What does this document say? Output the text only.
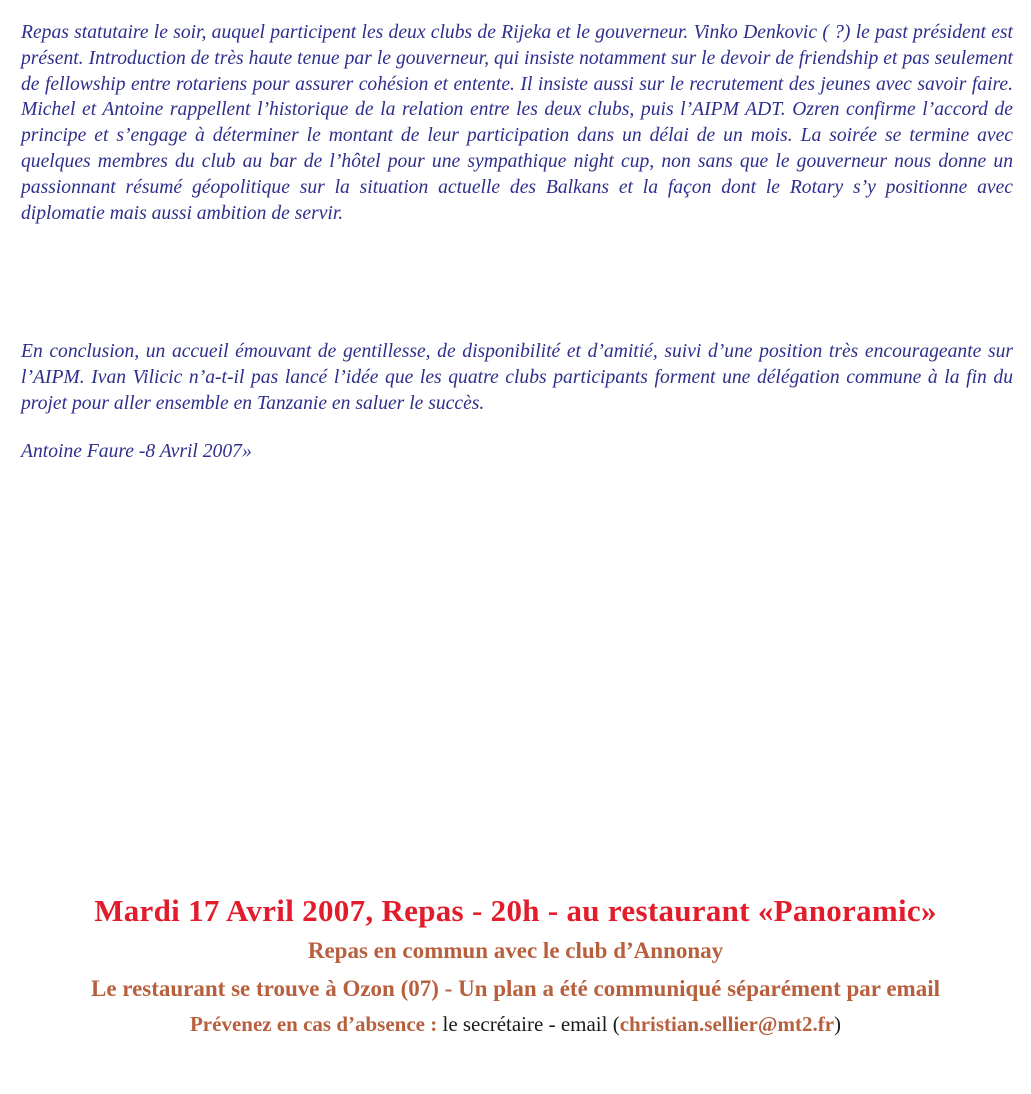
Repas statutaire le soir, auquel participent les deux clubs de Rijeka et le gouverneur. Vinko Denkovic ( ?) le past président est présent. Introduction de très haute tenue par le gouverneur, qui insiste notamment sur le devoir de friendship et pas seulement de fellowship entre rotariens pour assurer cohésion et entente. Il insiste aussi sur le recrutement des jeunes avec savoir faire. Michel et Antoine rappellent l’historique de la relation entre les deux clubs, puis l’AIPM ADT. Ozren confirme l’accord de principe et s’engage à déterminer le montant de leur participation dans un délai de un mois. La soirée se termine avec quelques membres du club au bar de l’hôtel pour une sympathique night cup, non sans que le gouverneur nous donne un passionnant résumé géopolitique sur la situation actuelle des Balkans et la façon dont le Rotary s’y positionne avec diplomatie mais aussi ambition de servir.

En conclusion, un accueil émouvant de gentillesse, de disponibilité et d’amitié, suivi d’une position très encourageante sur l’AIPM. Ivan Vilicic n’a-t-il pas lancé l’idée que les quatre clubs participants forment une délégation commune à la fin du projet pour aller ensemble en Tanzanie en saluer le succès.

Antoine Faure -8 Avril 2007»

Mardi 17 Avril 2007, Repas - 20h - au restaurant «Panoramic»
Repas en commun avec le club d’Annonay
Le restaurant se trouve à Ozon (07) - Un plan a été communiqué séparément par email
Prévenez en cas d’absence : le secrétaire - email (christian.sellier@mt2.fr)
